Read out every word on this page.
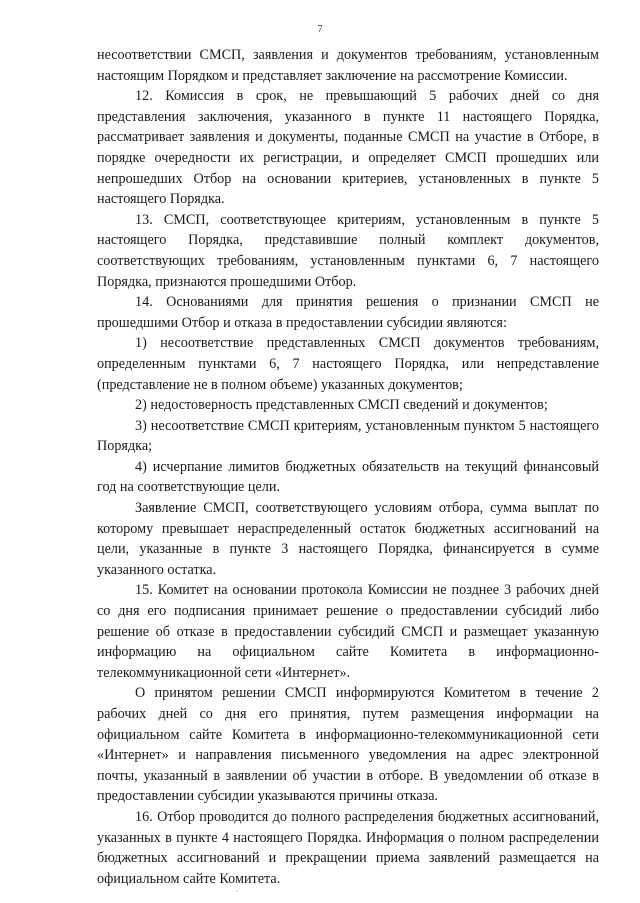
7

несоответствии СМСП, заявления и документов требованиям, установленным настоящим Порядком и представляет заключение на рассмотрение Комиссии.

12. Комиссия в срок, не превышающий 5 рабочих дней со дня представления заключения, указанного в пункте 11 настоящего Порядка, рассматривает заявления и документы, поданные СМСП на участие в Отборе, в порядке очередности их регистрации, и определяет СМСП прошедших или непрошедших Отбор на основании критериев, установленных в пункте 5 настоящего Порядка.

13. СМСП, соответствующее критериям, установленным в пункте 5 настоящего Порядка, представившие полный комплект документов, соответствующих требованиям, установленным пунктами 6, 7 настоящего Порядка, признаются прошедшими Отбор.

14. Основаниями для принятия решения о признании СМСП не прошедшими Отбор и отказа в предоставлении субсидии являются:

1) несоответствие представленных СМСП документов требованиям, определенным пунктами 6, 7 настоящего Порядка, или непредставление (представление не в полном объеме) указанных документов;

2) недостоверность представленных СМСП сведений и документов;

3) несоответствие СМСП критериям, установленным пунктом 5 настоящего Порядка;

4) исчерпание лимитов бюджетных обязательств на текущий финансовый год на соответствующие цели.

Заявление СМСП, соответствующего условиям отбора, сумма выплат по которому превышает нераспределенный остаток бюджетных ассигнований на цели, указанные в пункте 3 настоящего Порядка, финансируется в сумме указанного остатка.

15. Комитет на основании протокола Комиссии не позднее 3 рабочих дней со дня его подписания принимает решение о предоставлении субсидий либо решение об отказе в предоставлении субсидий СМСП и размещает указанную информацию на официальном сайте Комитета в информационно-телекоммуникационной сети «Интернет».

О принятом решении СМСП информируются Комитетом в течение 2 рабочих дней со дня его принятия, путем размещения информации на официальном сайте Комитета в информационно-телекоммуникационной сети «Интернет» и направления письменного уведомления на адрес электронной почты, указанный в заявлении об участии в отборе. В уведомлении об отказе в предоставлении субсидии указываются причины отказа.

16. Отбор проводится до полного распределения бюджетных ассигнований, указанных в пункте 4 настоящего Порядка. Информация о полном распределении бюджетных ассигнований и прекращении приема заявлений размещается на официальном сайте Комитета.
